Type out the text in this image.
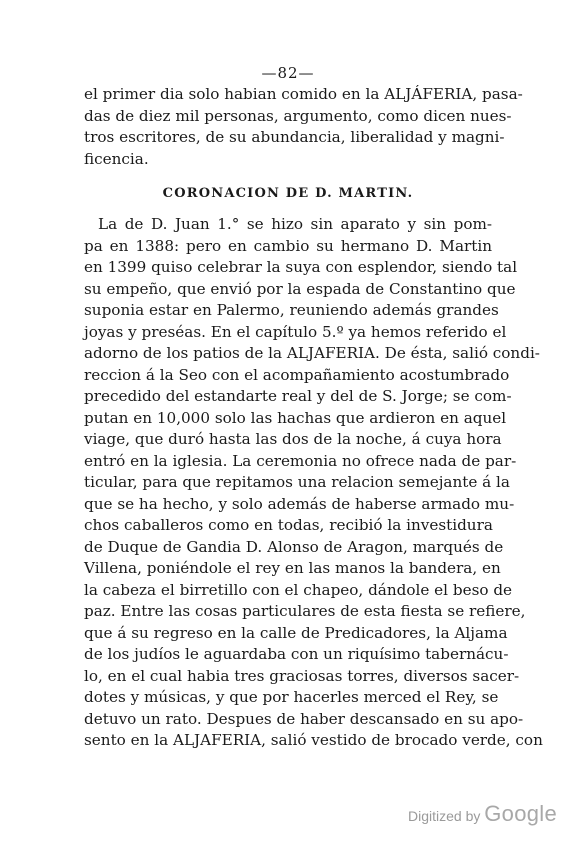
—82—

el primer dia solo habian comido en la ALJÁFERIA, pasa-
das de diez mil personas, argumento, como dicen nues-
tros escritores, de su abundancia, liberalidad y magni-
ficencia.

CORONACION DE D. MARTIN.

La de D. Juan 1.° se hizo sin aparato y sin pom-
pa en 1388: pero en cambio su hermano D. Martin
en 1399 quiso celebrar la suya con esplendor, siendo tal
su empeño, que envió por la espada de Constantino que
suponia estar en Palermo, reuniendo además grandes
joyas y preséas. En el capítulo 5.º ya hemos referido el
adorno de los patios de la ALJAFERIA. De ésta, salió condi-
reccion á la Seo con el acompañamiento acostumbrado
precedido del estandarte real y del de S. Jorge; se com-
putan en 10,000 solo las hachas que ardieron en aquel
viage, que duró hasta las dos de la noche, á cuya hora
entró en la iglesia. La ceremonia no ofrece nada de par-
ticular, para que repitamos una relacion semejante á la
que se ha hecho, y solo además de haberse armado mu-
chos caballeros como en todas, recibió la investidura
de Duque de Gandia D. Alonso de Aragon, marqués de
Villena, poniéndole el rey en las manos la bandera, en
la cabeza el birretillo con el chapeo, dándole el beso de
paz. Entre las cosas particulares de esta fiesta se refiere,
que á su regreso en la calle de Predicadores, la Aljama
de los judíos le aguardaba con un riquísimo tabernácu-
lo, en el cual habia tres graciosas torres, diversos sacer-
dotes y músicas, y que por hacerles merced el Rey, se
detuvo un rato. Despues de haber descansado en su apo-
sento en la ALJAFERIA, salió vestido de brocado verde, con

Digitized by Google
